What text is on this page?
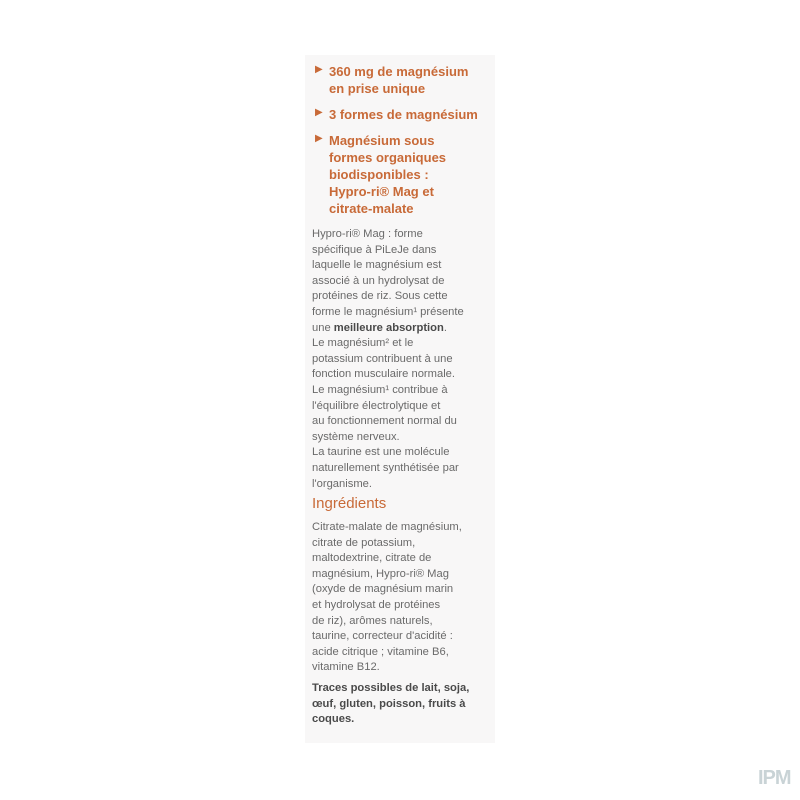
▶ 360 mg de magnésium
en prise unique
▶ 3 formes de magnésium
▶ Magnésium sous
formes organiques
biodisponibles :
Hypro-ri® Mag et
citrate-malate
Hypro-ri® Mag : forme
spécifique à PiLeJe dans
laquelle le magnésium est
associé à un hydrolysat de
protéines de riz. Sous cette
forme le magnésium¹ présente
une meilleure absorption.
Le magnésium² et le
potassium contribuent à une
fonction musculaire normale.
Le magnésium¹ contribue à
l'équilibre électrolytique et
au fonctionnement normal du
système nerveux.
La taurine est une molécule
naturellement synthétisée par
l'organisme.
Ingrédients
Citrate-malate de magnésium,
citrate de potassium,
maltodextrine, citrate de
magnésium, Hypro-ri® Mag
(oxyde de magnésium marin
et hydrolysat de protéines
de riz), arômes naturels,
taurine, correcteur d'acidité :
acide citrique ; vitamine B6,
vitamine B12.
Traces possibles de lait, soja,
œuf, gluten, poisson, fruits à
coques.
IPM
